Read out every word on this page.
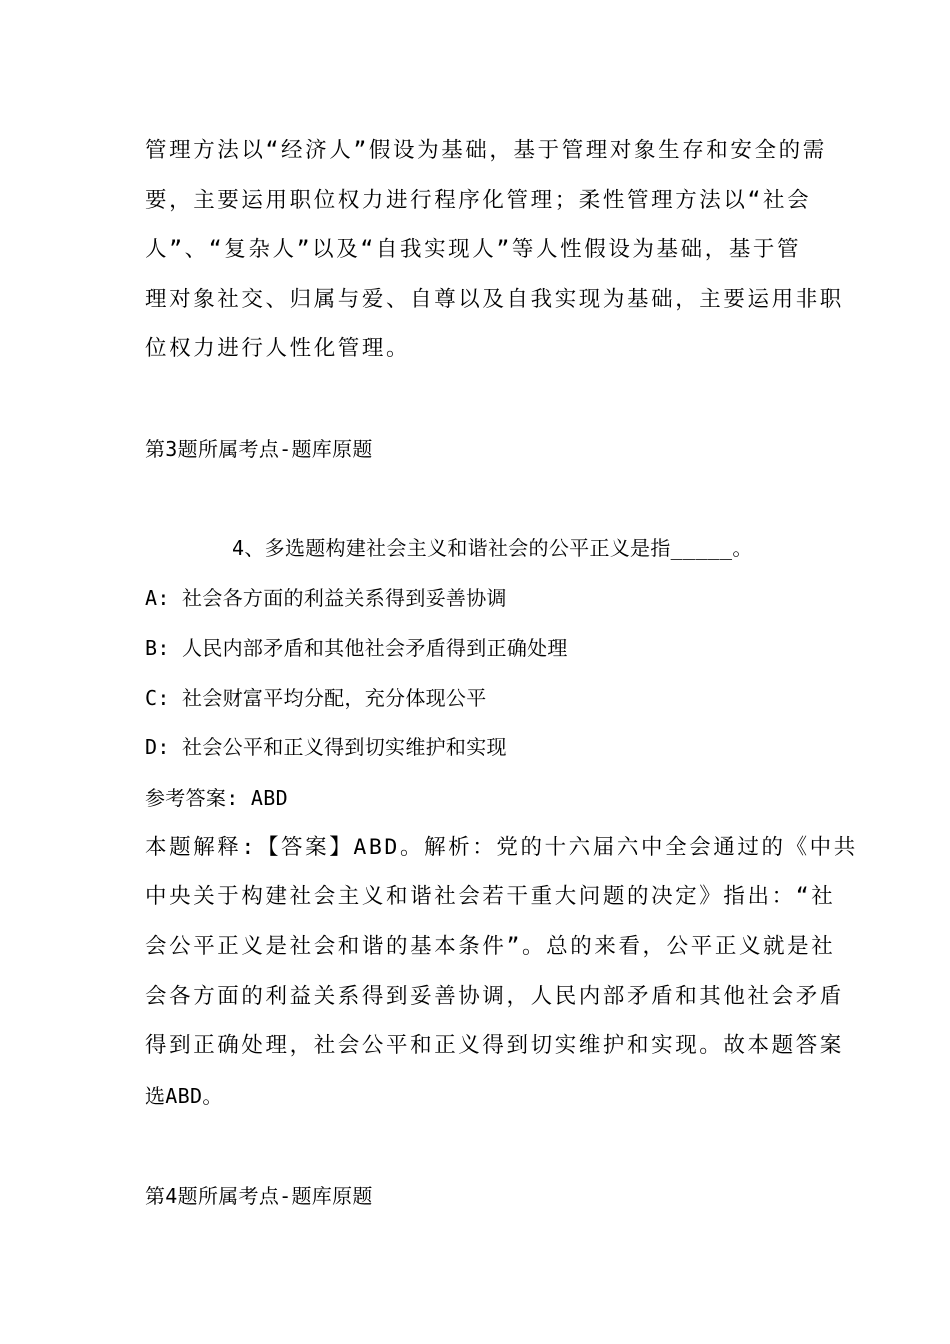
管理方法以“经济人”假设为基础，基于管理对象生存和安全的需
要，主要运用职位权力进行程序化管理；柔性管理方法以“社会
人”、“复杂人”以及“自我实现人”等人性假设为基础，基于管
理对象社交、归属与爱、自尊以及自我实现为基础，主要运用非职
位权力进行人性化管理。
第3题所属考点-题库原题
4、多选题构建社会主义和谐社会的公平正义是指_____。
A: 社会各方面的利益关系得到妥善协调
B: 人民内部矛盾和其他社会矛盾得到正确处理
C: 社会财富平均分配，充分体现公平
D: 社会公平和正义得到切实维护和实现
参考答案: ABD
本题解释:【答案】ABD。解析：党的十六届六中全会通过的《中共
中央关于构建社会主义和谐社会若干重大问题的决定》指出：“社
会公平正义是社会和谐的基本条件”。总的来看，公平正义就是社
会各方面的利益关系得到妥善协调，人民内部矛盾和其他社会矛盾
得到正确处理，社会公平和正义得到切实维护和实现。故本题答案
选ABD。
第4题所属考点-题库原题
